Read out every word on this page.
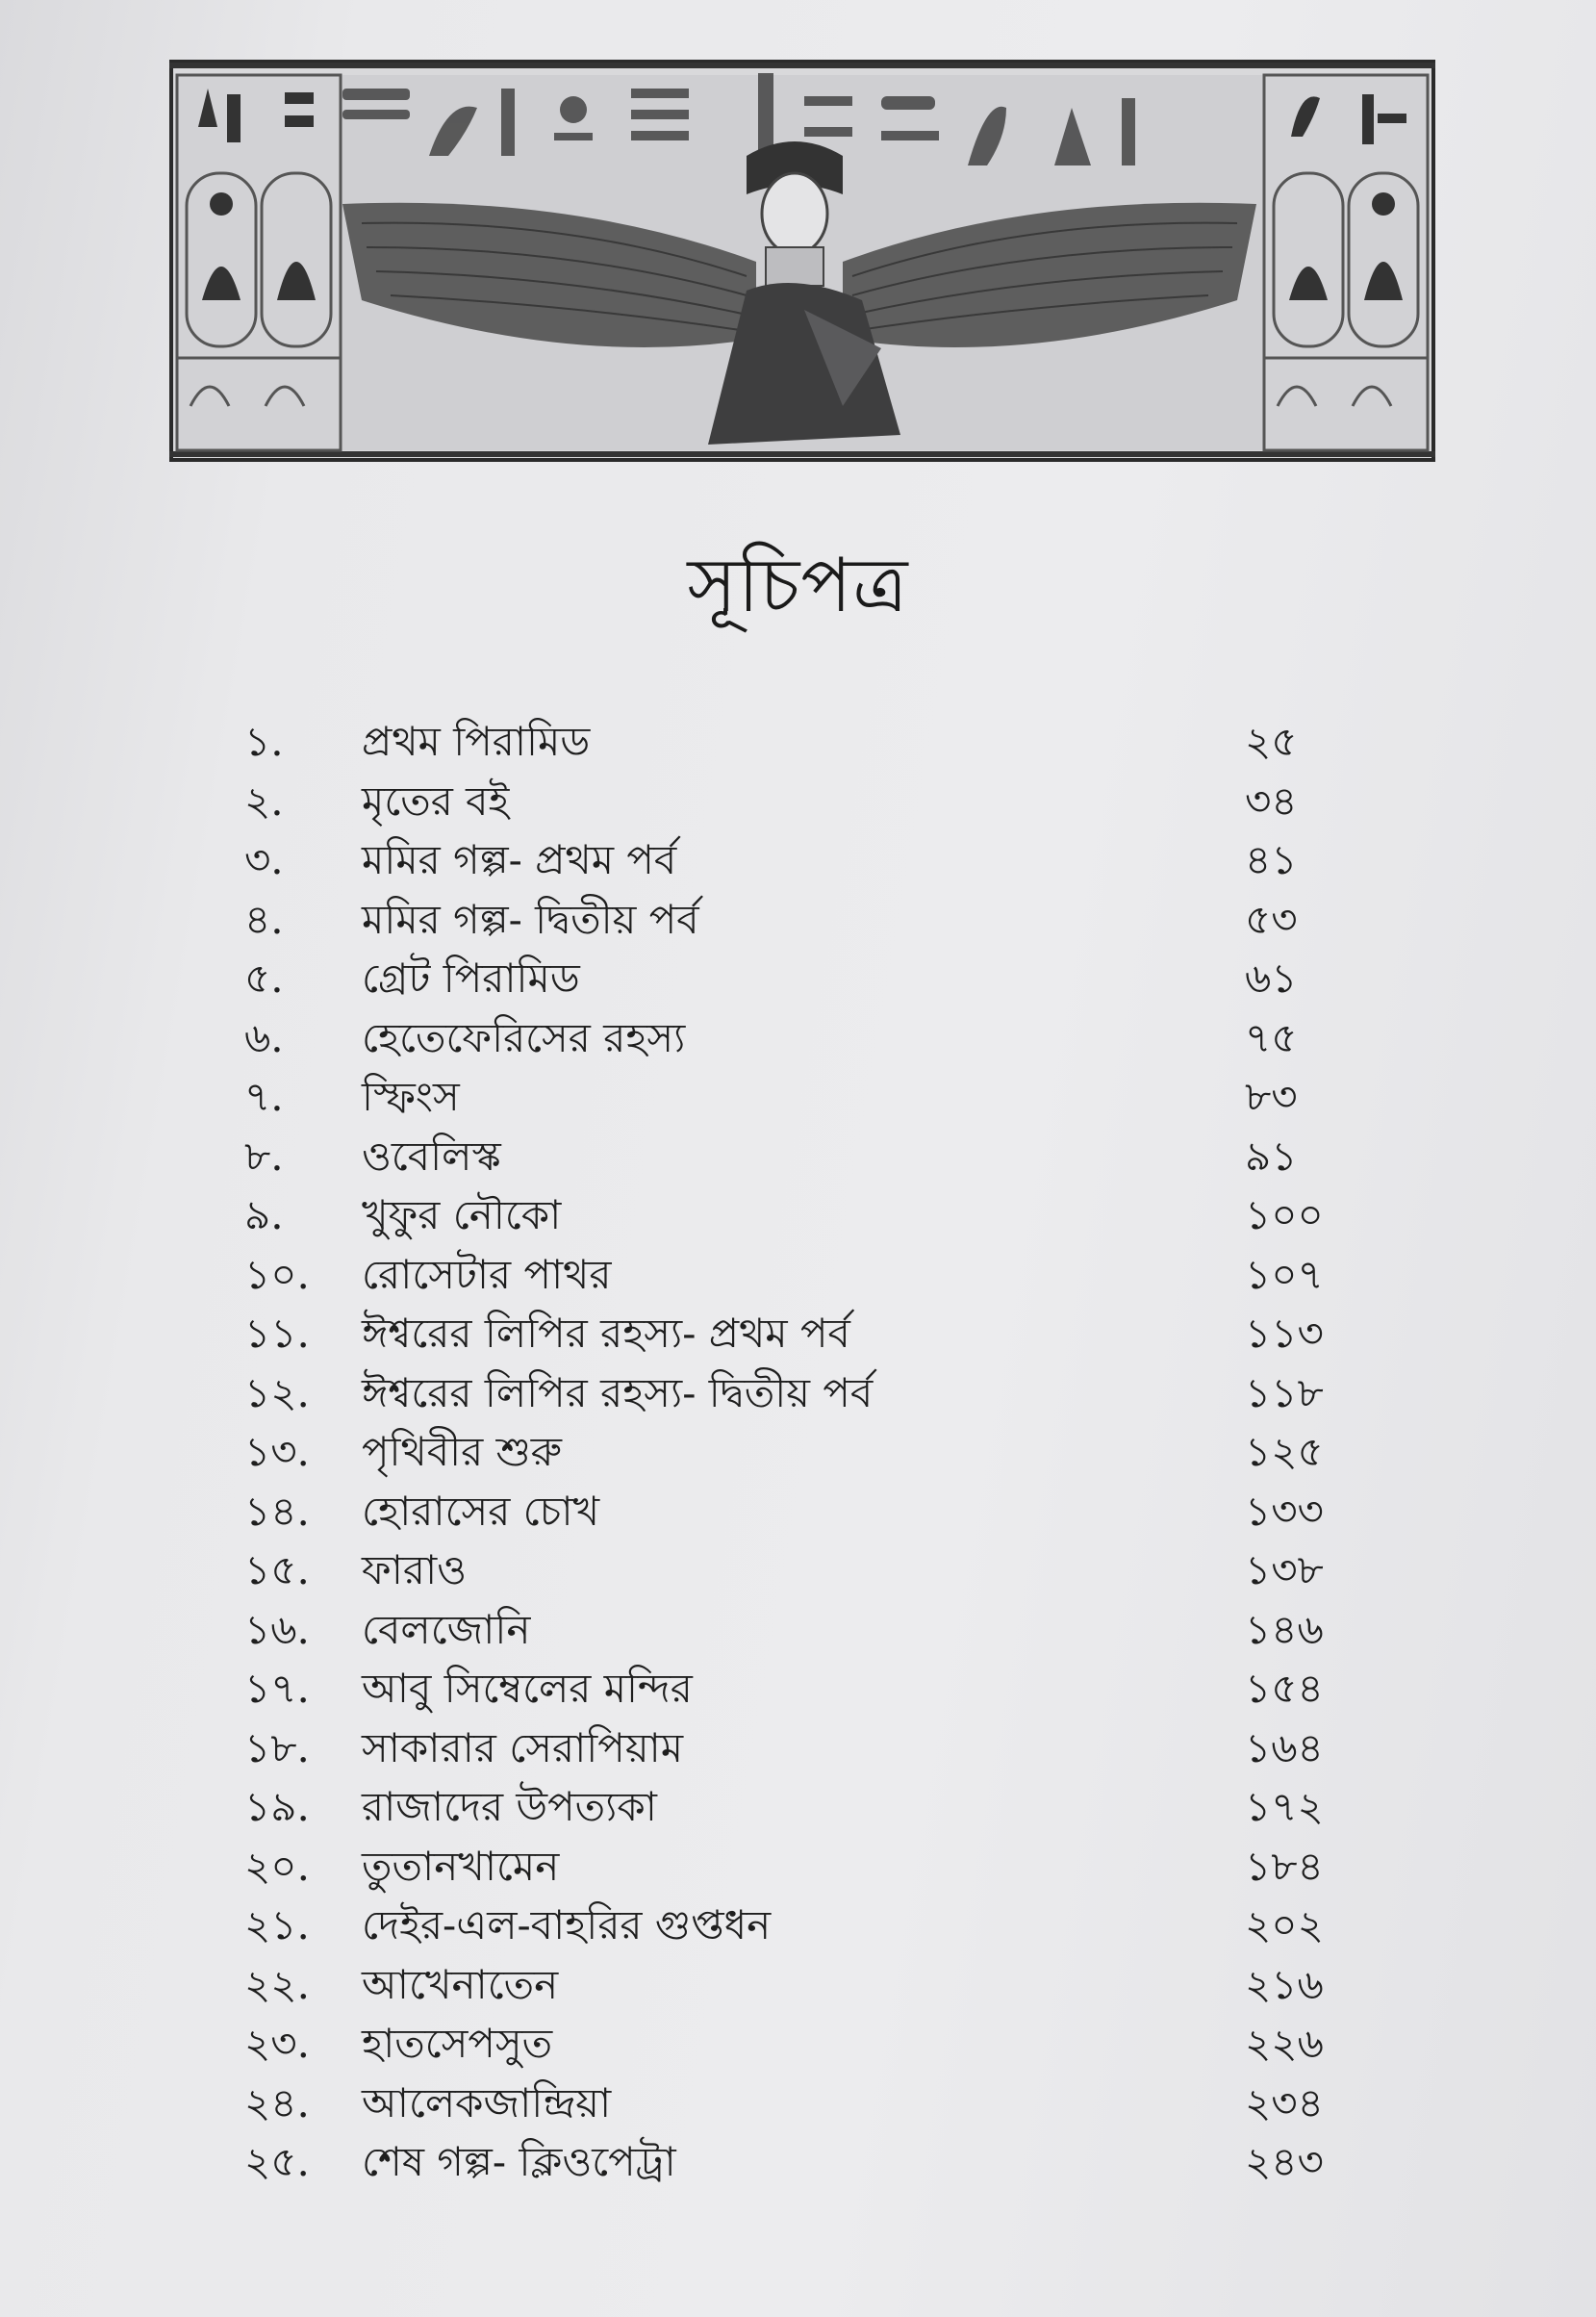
সূচিপত্র
১.	প্রথম পিরামিড	২৫
২.	মৃতের বই	৩৪
৩.	মমির গল্প- প্রথম পর্ব	৪১
৪.	মমির গল্প- দ্বিতীয় পর্ব	৫৩
৫.	গ্রেট পিরামিড	৬১
৬.	হেতেফেরিসের রহস্য	৭৫
৭.	স্ফিংস	৮৩
৮.	ওবেলিস্ক	৯১
৯.	খুফুর নৌকো	১০০
১০.	রোসেটার পাথর	১০৭
১১.	ঈশ্বরের লিপির রহস্য- প্রথম পর্ব	১১৩
১২.	ঈশ্বরের লিপির রহস্য- দ্বিতীয় পর্ব	১১৮
১৩.	পৃথিবীর শুরু	১২৫
১৪.	হোরাসের চোখ	১৩৩
১৫.	ফারাও	১৩৮
১৬.	বেলজোনি	১৪৬
১৭.	আবু সিম্বেলের মন্দির	১৫৪
১৮.	সাকারার সেরাপিয়াম	১৬৪
১৯.	রাজাদের উপত্যকা	১৭২
২০.	তুতানখামেন	১৮৪
২১.	দেইর-এল-বাহরির গুপ্তধন	২০২
২২.	আখেনাতেন	২১৬
২৩.	হাতসেপসুত	২২৬
২৪.	আলেকজান্দ্রিয়া	২৩৪
২৫.	শেষ গল্প- ক্লিওপেট্রা	২৪৩
